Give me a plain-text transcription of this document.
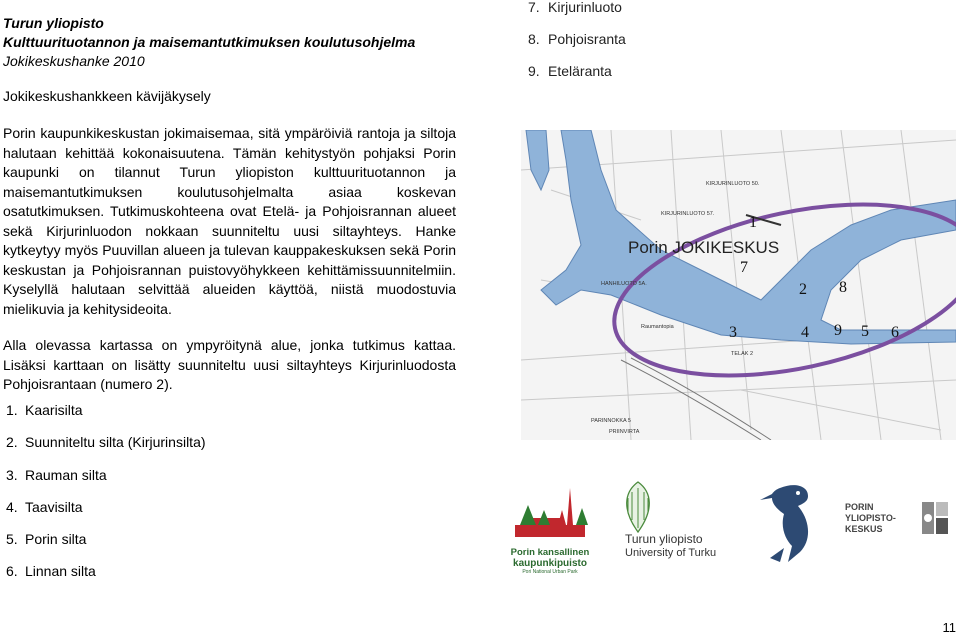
Turun yliopisto
Kulttuurituotannon ja maisemantutkimuksen koulutusohjelma
Jokikeskushanke 2010
Jokikeskushankkeen kävijäkysely
7. Kirjurinluoto
8. Pohjoisranta
9. Eteläranta
Porin kaupunkikeskustan jokimaisemaa, sitä ympäröiviä rantoja ja siltoja halutaan kehittää kokonaisuutena. Tämän kehitystyön pohjaksi Porin kaupunki on tilannut Turun yliopiston kulttuurituotannon ja maisemantutkimuksen koulutusohjelmalta asiaa koskevan osatutkimuksen. Tutkimuskohteena ovat Etelä- ja Pohjoisrannan alueet sekä Kirjurinluodon nokkaan suunniteltu uusi siltayhteys. Hanke kytkeytyy myös Puuvillan alueen ja tulevan kauppakeskuksen sekä Porin keskustan ja Pohjoisrannan puistovyöhykkeen kehittämissuunnitelmiin. Kyselyllä halutaan selvittää alueiden käyttöä, niistä muodostuvia mielikuvia ja kehitysideoita.
Alla olevassa kartassa on ympyröitynä alue, jonka tutkimus kattaa. Lisäksi karttaan on lisätty suunniteltu uusi siltayhteys Kirjurinluodosta Pohjoisrantaan (numero 2).
1. Kaarisilta
2. Suunniteltu silta (Kirjurinsilta)
3. Rauman silta
4. Taavisilta
5. Porin silta
6. Linnan silta
Porin JOKIKESKUS
KIRJURINLUOTO 57.
KIRJURINLUOTO 50.
HANHILUOTO 5A.
Raumantopia
TELAK 2
PARINNOKKA 5
PRIINVIRTA
1
2
3	4	5 6
7
8
9
Porin kansallinen
kaupunkipuisto
Pori National Urban Park
Turun yliopisto
University of Turku
PORIN
YLIOPISTO-
KESKUS
11
